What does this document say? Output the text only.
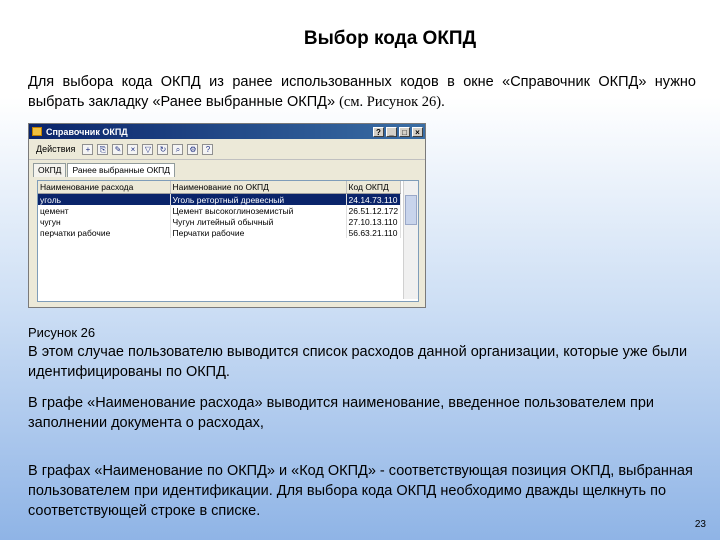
Выбор кода ОКПД
Для выбора кода ОКПД из ранее использованных кодов в окне «Справочник ОКПД» нужно выбрать закладку «Ранее выбранные ОКПД» (см. Рисунок 26).
Справочник ОКПД	?	_	□	×
Действия	+	⎘ ✎	×	▽	↻	⌕	⚙	?
ОКПД	Ранее выбранные ОКПД
Наименование расхода	Наименование по ОКПД	Код ОКПД
уголь	Уголь ретортный древесный	24.14.73.110
цемент	Цемент высокоглиноземистый	26.51.12.172
чугун	Чугун литейный обычный	27.10.13.110
перчатки рабочие	Перчатки рабочие	56.63.21.110
Рисунок 26
В этом случае пользователю выводится список расходов данной организации, которые уже были идентифицированы по ОКПД.
В графе «Наименование расхода» выводится наименование, введенное пользователем при заполнении документа о расходах,
В графах «Наименование по ОКПД» и «Код ОКПД» - соответствующая позиция ОКПД, выбранная пользователем при идентификации. Для выбора кода ОКПД необходимо дважды щелкнуть по соответствующей строке в списке.
23
